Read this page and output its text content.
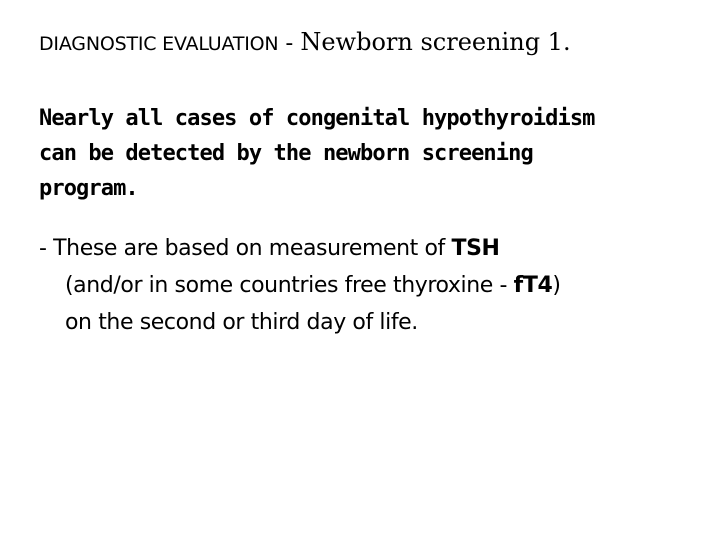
DIAGNOSTIC EVALUATION - Newborn screening 1.
Nearly all cases of congenital hypothyroidism
can be detected by the newborn screening
program.
- These are based on measurement of TSH
(and/or in some countries free thyroxine - fT4)
on the second or third day of life.
